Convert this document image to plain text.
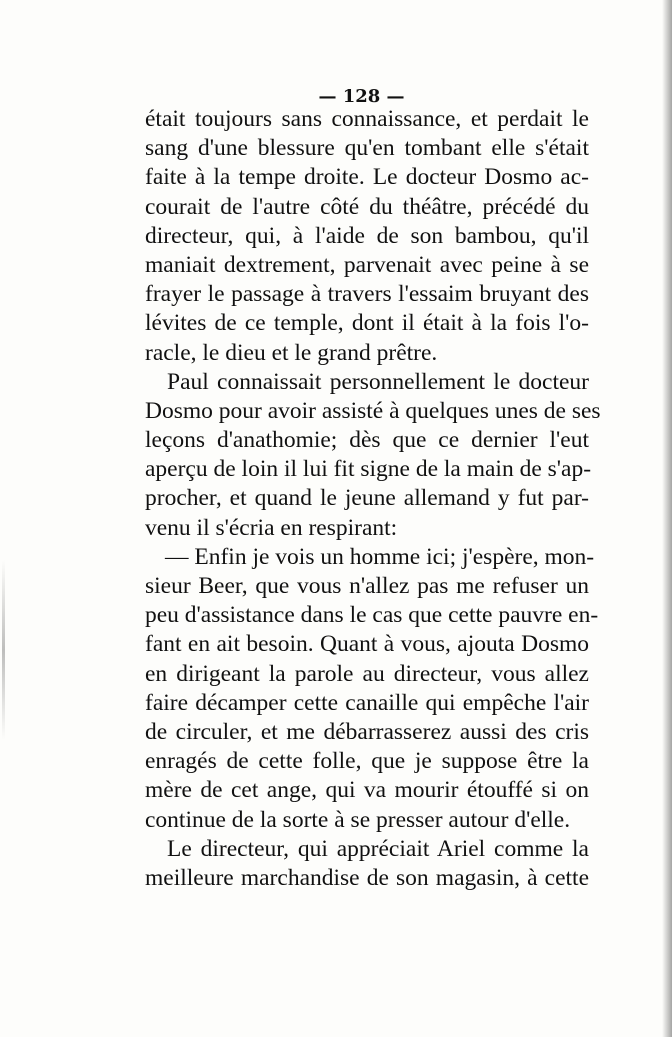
— 128 —
était toujours sans connaissance, et perdait le
sang d'une blessure qu'en tombant elle s'était
faite à la tempe droite. Le docteur Dosmo ac-
courait de l'autre côté du théâtre, précédé du
directeur, qui, à l'aide de son bambou, qu'il
maniait dextrement, parvenait avec peine à se
frayer le passage à travers l'essaim bruyant des
lévites de ce temple, dont il était à la fois l'o-
racle, le dieu et le grand prêtre.
Paul connaissait personnellement le docteur
Dosmo pour avoir assisté à quelques unes de ses
leçons d'anathomie; dès que ce dernier l'eut
aperçu de loin il lui fit signe de la main de s'ap-
procher, et quand le jeune allemand y fut par-
venu il s'écria en respirant:
— Enfin je vois un homme ici; j'espère, mon-
sieur Beer, que vous n'allez pas me refuser un
peu d'assistance dans le cas que cette pauvre en-
fant en ait besoin. Quant à vous, ajouta Dosmo
en dirigeant la parole au directeur, vous allez
faire décamper cette canaille qui empêche l'air
de circuler, et me débarrasserez aussi des cris
enragés de cette folle, que je suppose être la
mère de cet ange, qui va mourir étouffé si on
continue de la sorte à se presser autour d'elle.
Le directeur, qui appréciait Ariel comme la
meilleure marchandise de son magasin, à cette
